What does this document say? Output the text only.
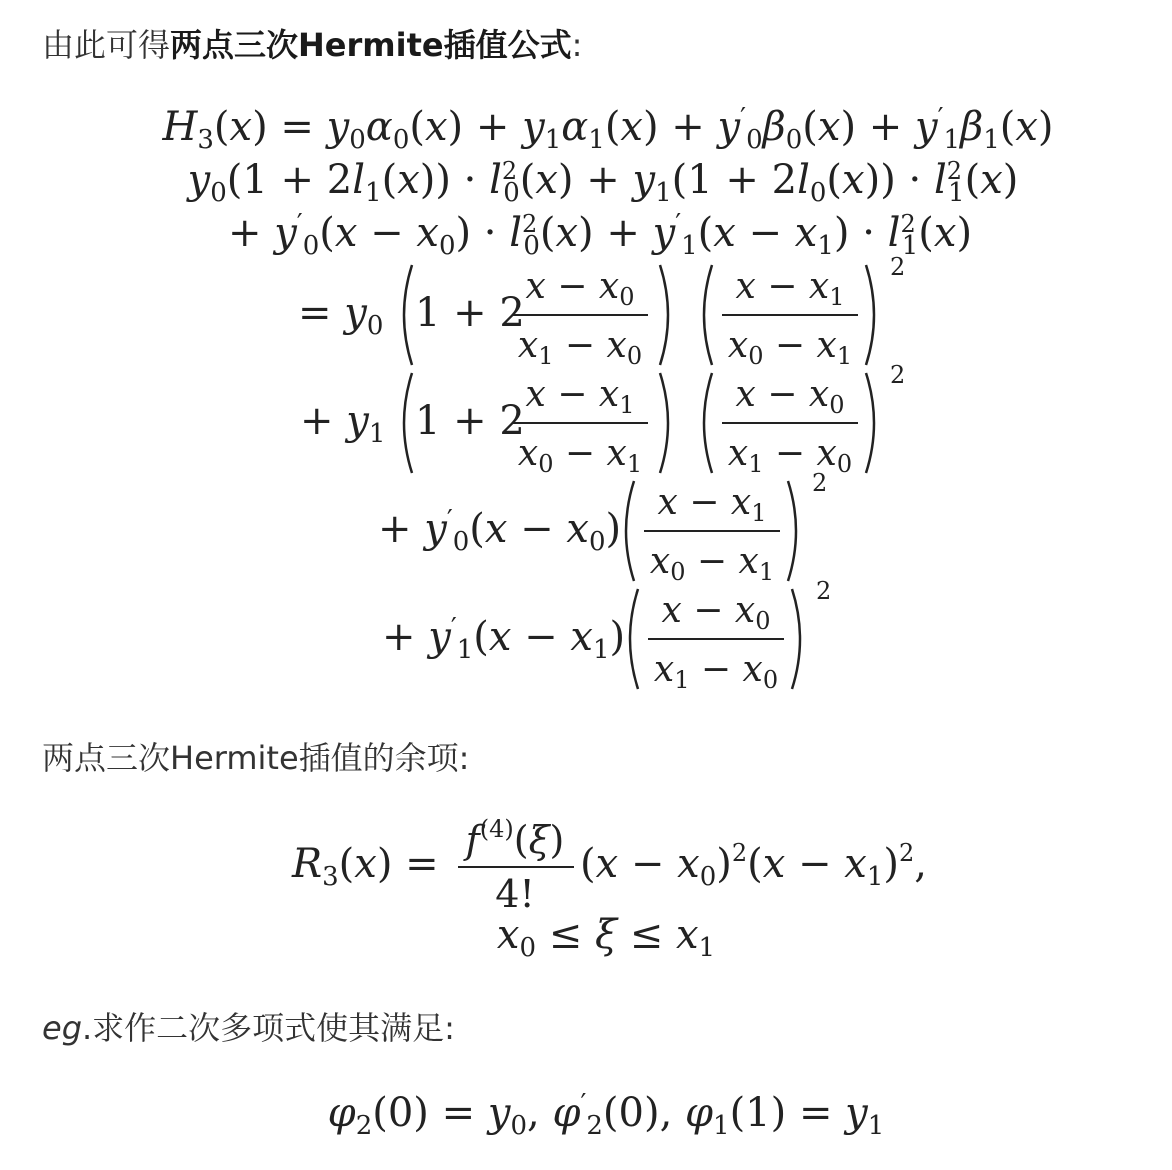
由此可得两点三次Hermite插值公式:
$H_3(x) = y_0\alpha_0(x) + y_1\alpha_1(x) + y'_0\beta_0(x) + y'_1\beta_1(x)$
$y_0(1 + 2l_1(x)) \cdot l^2$ $0(x) + y_1(1 + 2l_0(x)) \cdot l^2$ 1(x)
+ $y'_0(x - x_0) \cdot l^2$ $0(x) + y'_1(x - x_1) \cdot l^2$ 1(x)
= $y_0$ 1 + 2
x − x0
x1 − x0
x − x1
x0 − x1
2
+ $y_1$ 1 + 2
x − x1
x0 − x1
x − x0
x1 − x0
2
+ $y'_0(x - x_0)$
x − x1
x0 − x1
2
+ $y'_1(x - x_1)$
x − x0
x1 − x0
2
两点三次Hermite插值的余项:
$R_3(x)$ =
$f^{(4)}(\xi)$
4!
$(x - x_0)^2(x - x_1)^2$,
$x_0 \le \xi \le x_1$
eg.求作二次多项式使其满足:
$\varphi_2(0) = y_0$, $\varphi'_2(0)$, $\varphi_1(1) = y_1$
